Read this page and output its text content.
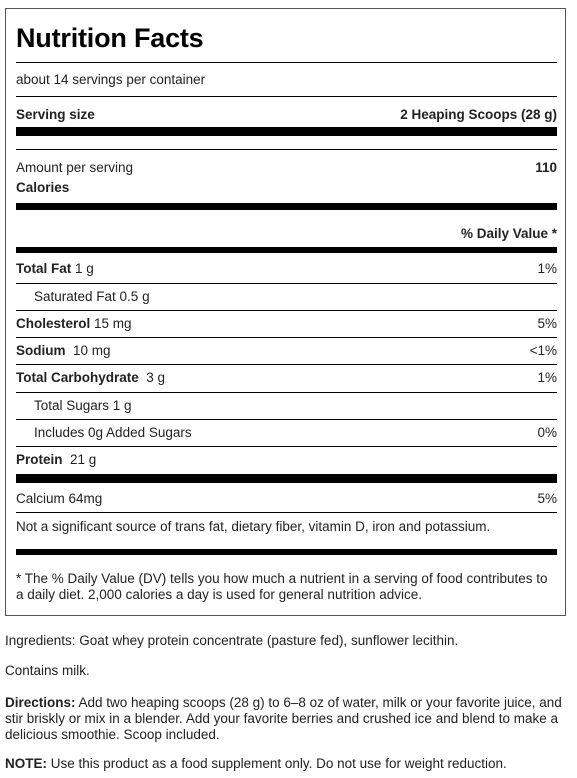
Nutrition Facts
about 14 servings per container
Serving size	2 Heaping Scoops (28 g)
Amount per serving	110
Calories
% Daily Value *
Total Fat 1 g	1%
Saturated Fat 0.5 g
Cholesterol 15 mg	5%
Sodium  10 mg	<1%
Total Carbohydrate  3 g	1%
Total Sugars 1 g
Includes 0g Added Sugars	0%
Protein  21 g
Calcium 64mg	5%
Not a significant source of trans fat, dietary fiber, vitamin D, iron and potassium.
* The % Daily Value (DV) tells you how much a nutrient in a serving of food contributes to a daily diet. 2,000 calories a day is used for general nutrition advice.
Ingredients: Goat whey protein concentrate (pasture fed), sunflower lecithin.
Contains milk.
Directions: Add two heaping scoops (28 g) to 6–8 oz of water, milk or your favorite juice, and stir briskly or mix in a blender. Add your favorite berries and crushed ice and blend to make a delicious smoothie. Scoop included.
NOTE: Use this product as a food supplement only. Do not use for weight reduction.
